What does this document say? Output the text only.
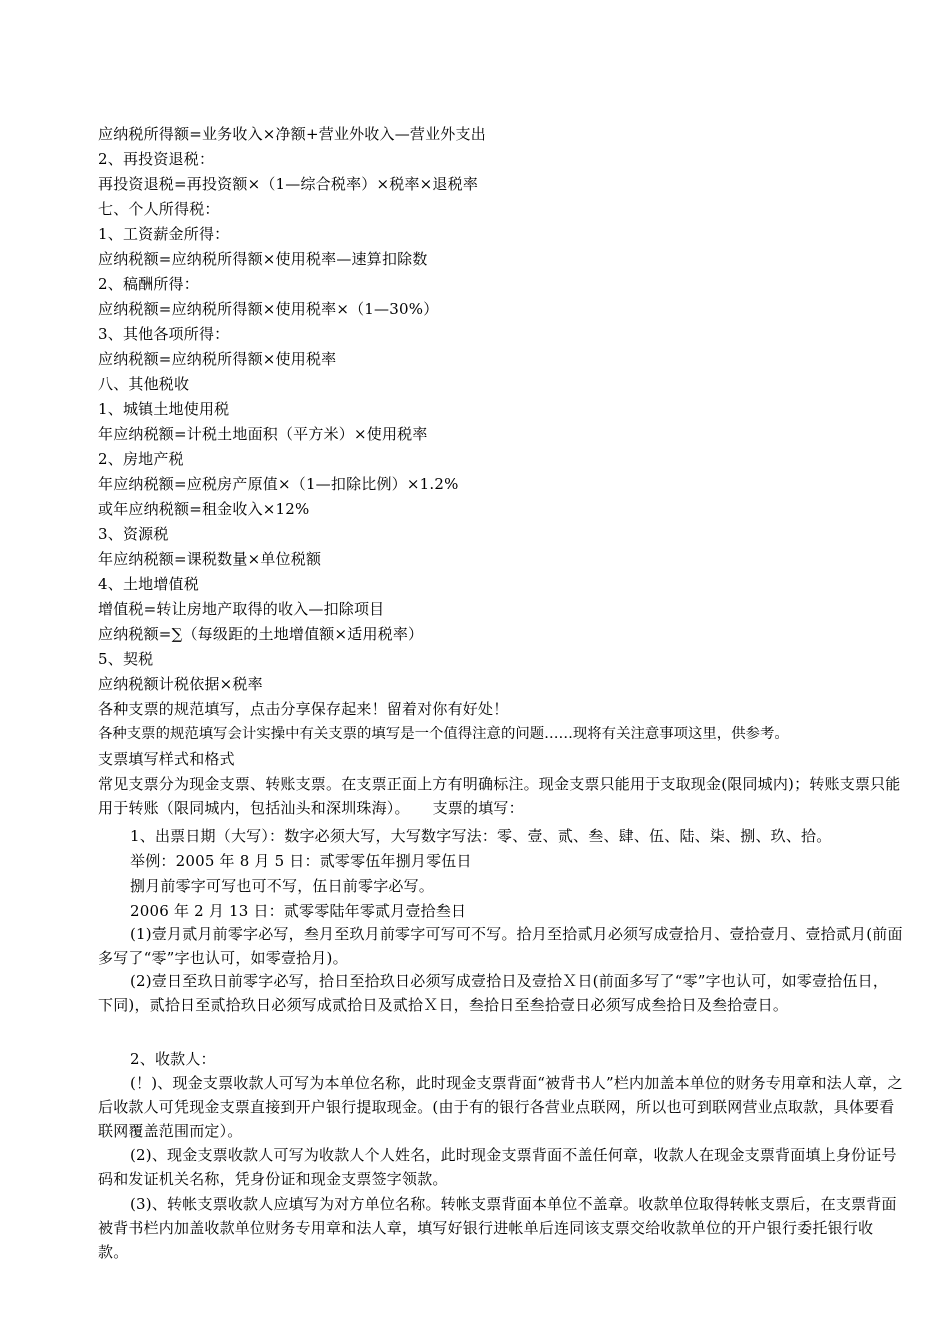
应纳税所得额=业务收入×净额+营业外收入—营业外支出
2、再投资退税：
再投资退税=再投资额×（1—综合税率）×税率×退税率
七、个人所得税：
1、工资薪金所得：
应纳税额=应纳税所得额×使用税率—速算扣除数
2、稿酬所得：
应纳税额=应纳税所得额×使用税率×（1—30%）
3、其他各项所得：
应纳税额=应纳税所得额×使用税率
八、其他税收
1、城镇土地使用税
年应纳税额=计税土地面积（平方米）×使用税率
2、房地产税
年应纳税额=应税房产原值×（1—扣除比例）×1.2%
或年应纳税额=租金收入×12%
3、资源税
年应纳税额=课税数量×单位税额
4、土地增值税
增值税=转让房地产取得的收入—扣除项目
应纳税额=∑（每级距的土地增值额×适用税率）
5、契税
应纳税额计税依据×税率
各种支票的规范填写，点击分享保存起来！留着对你有好处！
各种支票的规范填写会计实操中有关支票的填写是一个值得注意的问题……现将有关注意事项这里，供参考。
支票填写样式和格式
常见支票分为现金支票、转账支票。在支票正面上方有明确标注。现金支票只能用于支取现金(限同城内)；转账支票只能用于转账（限同城内，包括汕头和深圳珠海）。　　支票的填写：
1、出票日期（大写）：数字必须大写，大写数字写法：零、壹、贰、叁、肆、伍、陆、柒、捌、玖、拾。
举例：2005 年 8 月 5 日：贰零零伍年捌月零伍日
捌月前零字可写也可不写，伍日前零字必写。
2006 年 2 月 13 日：贰零零陆年零贰月壹拾叁日
(1)壹月贰月前零字必写，叁月至玖月前零字可写可不写。拾月至拾贰月必须写成壹拾月、壹拾壹月、壹拾贰月(前面多写了“零”字也认可，如零壹拾月)。
(2)壹日至玖日前零字必写，拾日至拾玖日必须写成壹拾日及壹拾Ｘ日(前面多写了“零”字也认可，如零壹拾伍日，下同)，贰拾日至贰拾玖日必须写成贰拾日及贰拾Ｘ日，叁拾日至叁拾壹日必须写成叁拾日及叁拾壹日。
2、收款人：
(！)、现金支票收款人可写为本单位名称，此时现金支票背面“被背书人”栏内加盖本单位的财务专用章和法人章，之后收款人可凭现金支票直接到开户银行提取现金。(由于有的银行各营业点联网，所以也可到联网营业点取款，具体要看联网覆盖范围而定）。
(2)、现金支票收款人可写为收款人个人姓名，此时现金支票背面不盖任何章，收款人在现金支票背面填上身份证号码和发证机关名称，凭身份证和现金支票签字领款。
(3)、转帐支票收款人应填写为对方单位名称。转帐支票背面本单位不盖章。收款单位取得转帐支票后，在支票背面被背书栏内加盖收款单位财务专用章和法人章，填写好银行进帐单后连同该支票交给收款单位的开户银行委托银行收款。
